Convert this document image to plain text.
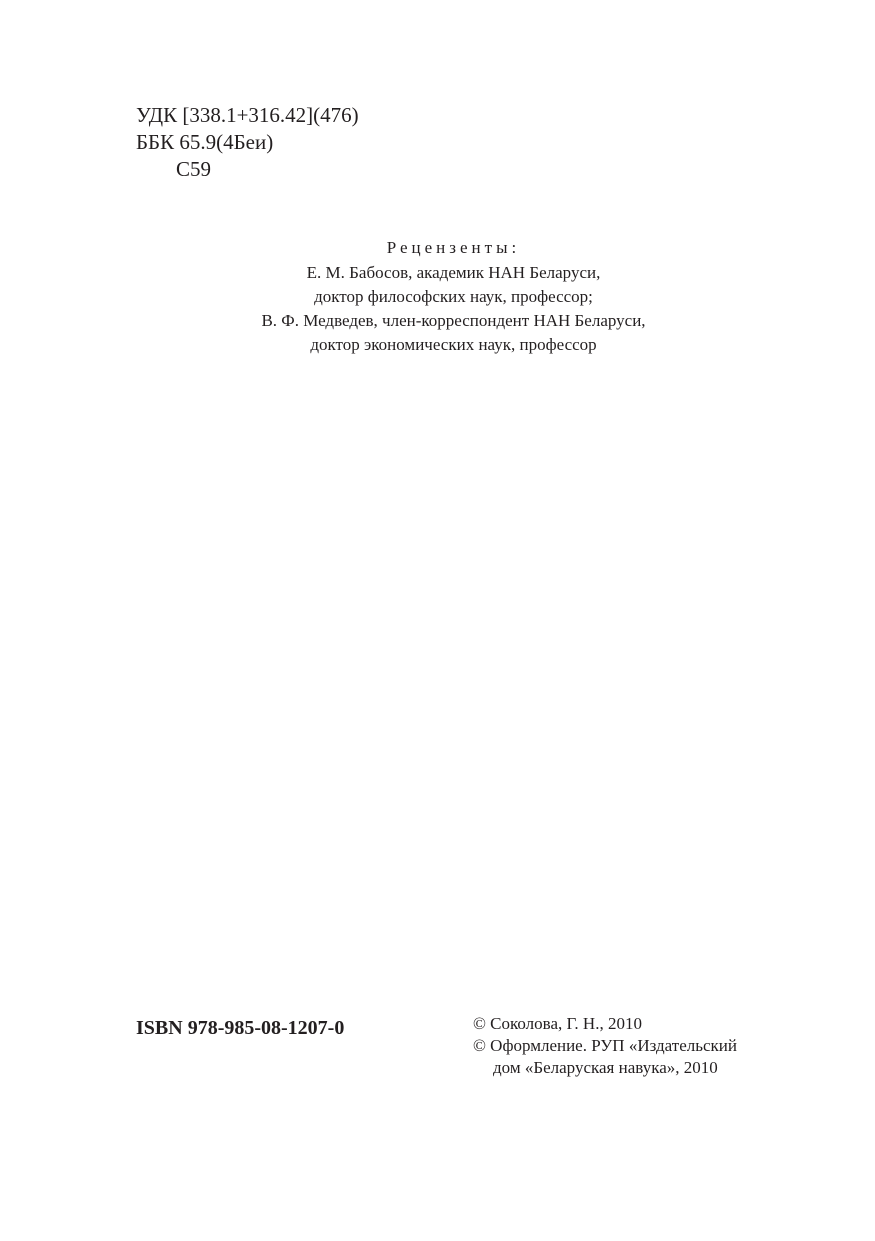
УДК [338.1+316.42](476)
ББК 65.9(4Беи)
С59
Рецензенты:
Е. М. Бабосов, академик НАН Беларуси,
доктор философских наук, профессор;
В. Ф. Медведев, член-корреспондент НАН Беларуси,
доктор экономических наук, профессор
ISBN 978-985-08-1207-0	© Соколова, Г. Н., 2010
© Оформление. РУП «Издательский
дом «Беларуская навука», 2010
